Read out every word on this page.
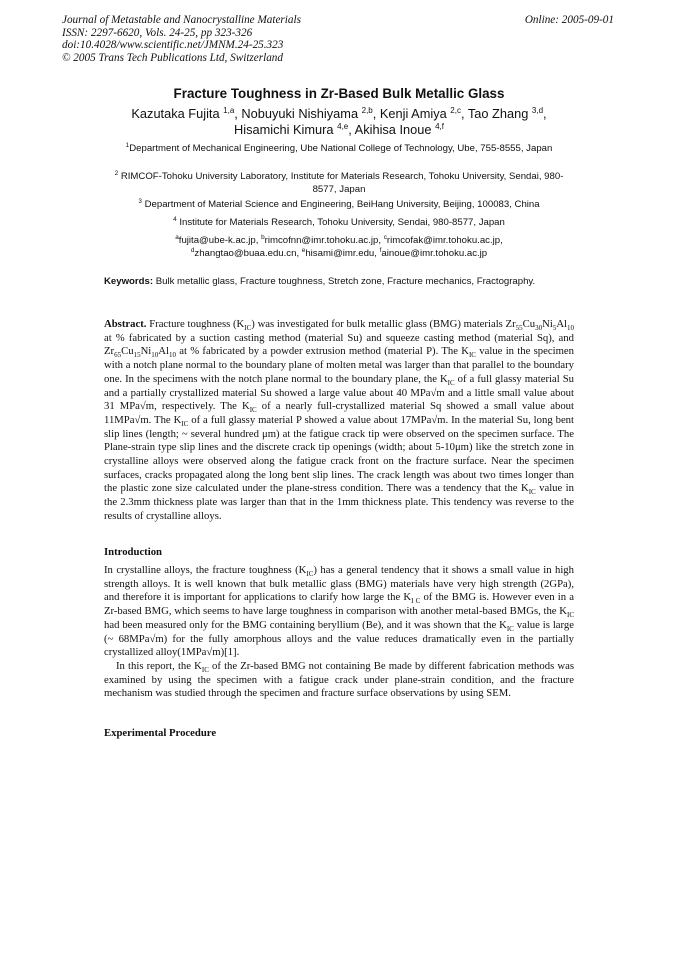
Journal of Metastable and Nanocrystalline Materials
ISSN: 2297-6620, Vols. 24-25, pp 323-326
doi:10.4028/www.scientific.net/JMNM.24-25.323
© 2005 Trans Tech Publications Ltd, Switzerland
Online: 2005-09-01
Fracture Toughness in Zr-Based Bulk Metallic Glass
Kazutaka Fujita $^{1,a}$, Nobuyuki Nishiyama $^{2,b}$, Kenji Amiya $^{2,c}$, Tao Zhang $^{3,d}$,
Hisamichi Kimura $^{4,e}$, Akihisa Inoue $^{4,f}$
$^1$Department of Mechanical Engineering, Ube National College of Technology, Ube, 755-8555, Japan
$^2$ RIMCOF-Tohoku University Laboratory, Institute for Materials Research, Tohoku University, Sendai, 980-8577, Japan
$^3$ Department of Material Science and Engineering, BeiHang University, Beijing, 100083, China
$^4$ Institute for Materials Research, Tohoku University, Sendai, 980-8577, Japan
$^a$fujita@ube-k.ac.jp, $^b$rimcofnn@imr.tohoku.ac.jp, $^c$rimcofak@imr.tohoku.ac.jp,
$^d$zhangtao@buaa.edu.cn, $^e$hisami@imr.edu, $^f$ainoue@imr.tohoku.ac.jp
Keywords: Bulk metallic glass, Fracture toughness, Stretch zone, Fracture mechanics, Fractography.
Abstract. Fracture toughness $(K_{IC})$ was investigated for bulk metallic glass (BMG) materials $Zr_{55}Cu_{30}Ni_5Al_{10}$ at % fabricated by a suction casting method (material Su) and squeeze casting method (material Sq), and $Zr_{65}Cu_{15}Ni_{10}Al_{10}$ at % fabricated by a powder extrusion method (material P). The $K_{IC}$ value in the specimen with a notch plane normal to the boundary plane of molten metal was larger than that parallel to the boundary one. In the specimens with the notch plane normal to the boundary plane, the $K_{IC}$ of a full glassy material Su and a partially crystallized material Su showed a large value about 40 MPa√m and a little small value about 31 MPa√m, respectively. The $K_{IC}$ of a nearly full-crystallized material Sq showed a small value about 11MPa√m. The $K_{IC}$ of a full glassy material P showed a value about 17MPa√m. In the material Su, long bent slip lines (length; ~ several hundred μm) at the fatigue crack tip were observed on the specimen surface. The Plane-strain type slip lines and the discrete crack tip openings (width; about 5-10μm) like the stretch zone in crystalline alloys were observed along the fatigue crack front on the fracture surface. Near the specimen surfaces, cracks propagated along the long bent slip lines. The crack length was about two times longer than the plastic zone size calculated under the plane-stress condition. There was a tendency that the $K_{IC}$ value in the 2.3mm thickness plate was larger than that in the 1mm thickness plate. This tendency was reverse to the results of crystalline alloys.
Introduction
In crystalline alloys, the fracture toughness $(K_{IC})$ has a general tendency that it shows a small value in high strength alloys. It is well known that bulk metallic glass (BMG) materials have very high strength (2GPa), and therefore it is important for applications to clarify how large the $K_{I C}$ of the BMG is. However even in a Zr-based BMG, which seems to have large toughness in comparison with another metal-based BMGs, the $K_{IC}$ had been measured only for the BMG containing beryllium (Be), and it was shown that the $K_{IC}$ value is large (~ 68MPa√m) for the fully amorphous alloys and the value reduces dramatically even in the partially crystallized alloy(1MPa√m)[1].
In this report, the $K_{IC}$ of the Zr-based BMG not containing Be made by different fabrication methods was examined by using the specimen with a fatigue crack under plane-strain condition, and the fracture mechanism was studied through the specimen and fracture surface observations by using SEM.
Experimental Procedure
